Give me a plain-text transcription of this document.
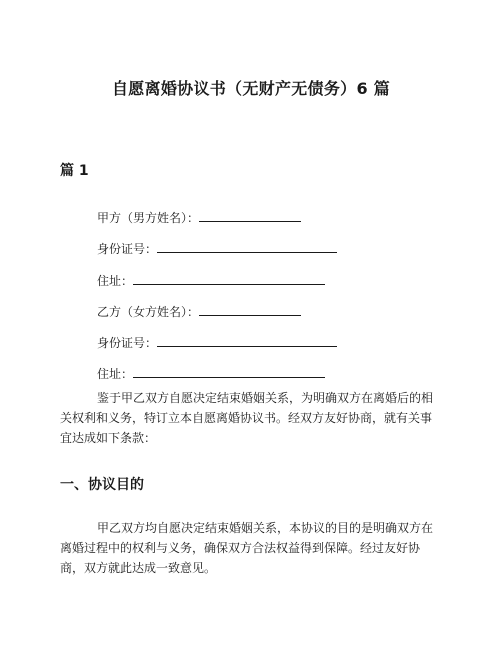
自愿离婚协议书（无财产无债务）6 篇
篇 1
甲方（男方姓名）：
身份证号：
住址：
乙方（女方姓名）：
身份证号：
住址：

鉴于甲乙双方自愿决定结束婚姻关系，为明确双方在离婚后的相关权利和义务，特订立本自愿离婚协议书。经双方友好协商，就有关事宜达成如下条款：

一、协议目的

甲乙双方均自愿决定结束婚姻关系，本协议的目的是明确双方在离婚过程中的权利与义务，确保双方合法权益得到保障。经过友好协商，双方就此达成一致意见。
